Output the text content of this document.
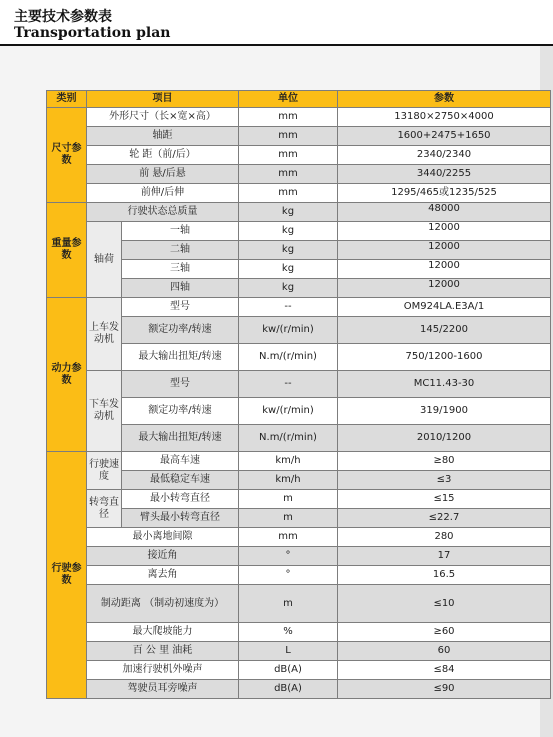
主要技术参数表
Transportation plan
类别	项目		单位	参数
尺寸参数	外形尺寸（长×宽×高）		mm	13180×2750×4000
	轴距		mm	1600+2475+1650
	轮 距（前/后）		mm	2340/2340
	前 悬/后悬		mm	3440/2255
	前伸/后伸		mm	1295/465或1235/525
重量参数	行驶状态总质量		kg	48000
	轴荷	一轴	kg	12000
		二轴	kg	12000
		三轴	kg	12000
		四轴	kg	12000
动力参数	上车发动机	型号	--	OM924LA.E3A/1
		额定功率/转速	kw/(r/min)	145/2200
		最大输出扭矩/转速	N.m/(r/min)	750/1200-1600
	下车发动机	型号	--	MC11.43-30
		额定功率/转速	kw/(r/min)	319/1900
		最大输出扭矩/转速	N.m/(r/min)	2010/1200
行驶参数	行驶速度	最高车速	km/h	≥80
		最低稳定车速	km/h	≤3
	转弯直径	最小转弯直径	m	≤15
		臂头最小转弯直径	m	≤22.7
	最小离地间隙		mm	280
	接近角		°	17
	离去角		°	16.5
	制动距离 （制动初速度为）		m	≤10
	最大爬坡能力		%	≥60
	百 公 里 油耗		L	60
	加速行驶机外噪声		dB(A)	≤84
	驾驶员耳旁噪声		dB(A)	≤90
